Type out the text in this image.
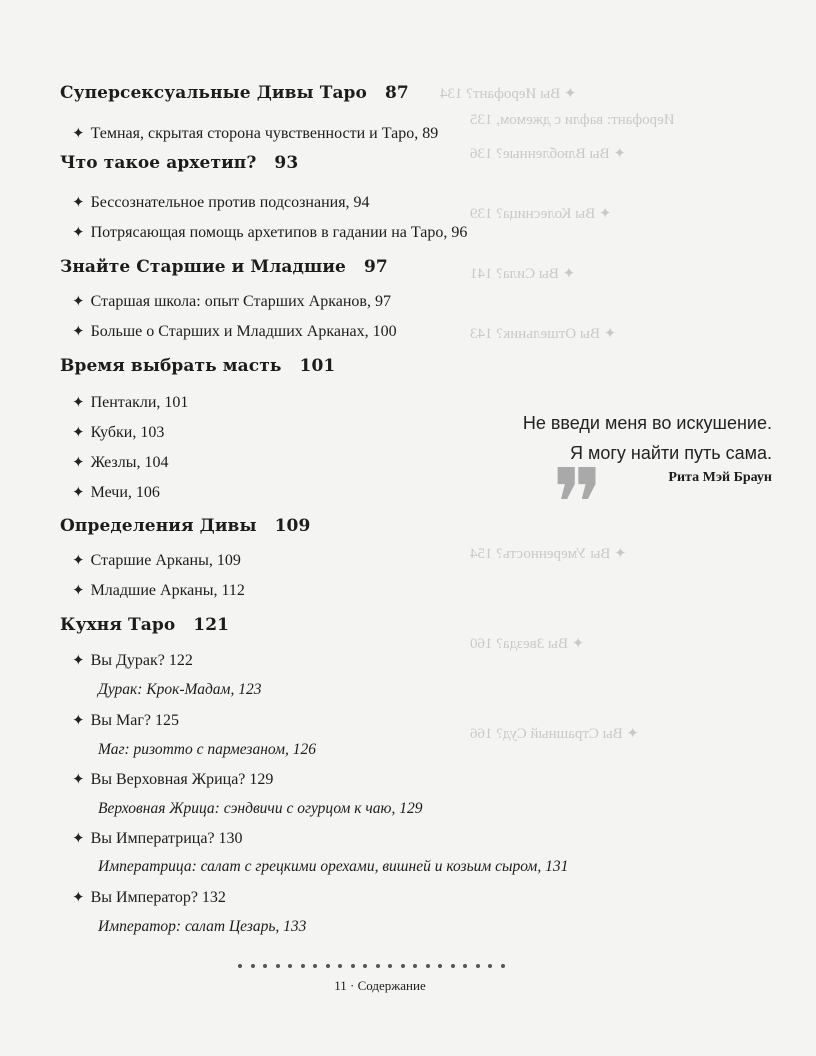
✦ Вы Иерофант? 134
Иерофант: вафли с джемом, 135
✦ Вы Влюбленные? 136
✦ Вы Колесница? 139
✦ Вы Сила? 141
✦ Вы Отшельник? 143
✦ Вы Умеренность? 154
✦ Вы Звезда? 160
✦ Вы Страшный Суд? 166
Суперсексуальные Дивы Таро 87
✦ Темная, скрытая сторона чувственности и Таро, 89
Что такое архетип? 93
✦ Бессознательное против подсознания, 94
✦ Потрясающая помощь архетипов в гадании на Таро, 96
Знайте Старшие и Младшие 97
✦ Старшая школа: опыт Старших Арканов, 97
✦ Больше о Старших и Младших Арканах, 100
Время выбрать масть 101
✦ Пентакли, 101
✦ Кубки, 103
✦ Жезлы, 104
✦ Мечи, 106
Определения Дивы 109
✦ Старшие Арканы, 109
✦ Младшие Арканы, 112
Кухня Таро 121
✦ Вы Дурак? 122
Дурак: Крок-Мадам, 123
✦ Вы Маг? 125
Маг: ризотто с пармезаном, 126
✦ Вы Верховная Жрица? 129
Верховная Жрица: сэндвичи с огурцом к чаю, 129
✦ Вы Императрица? 130
Императрица: салат с грецкими орехами, вишней и козьим сыром, 131
✦ Вы Император? 132
Император: салат Цезарь, 133
Не введи меня во искушение.
Я могу найти путь сама.
Рита Мэй Браун
❞
11 · Содержание
